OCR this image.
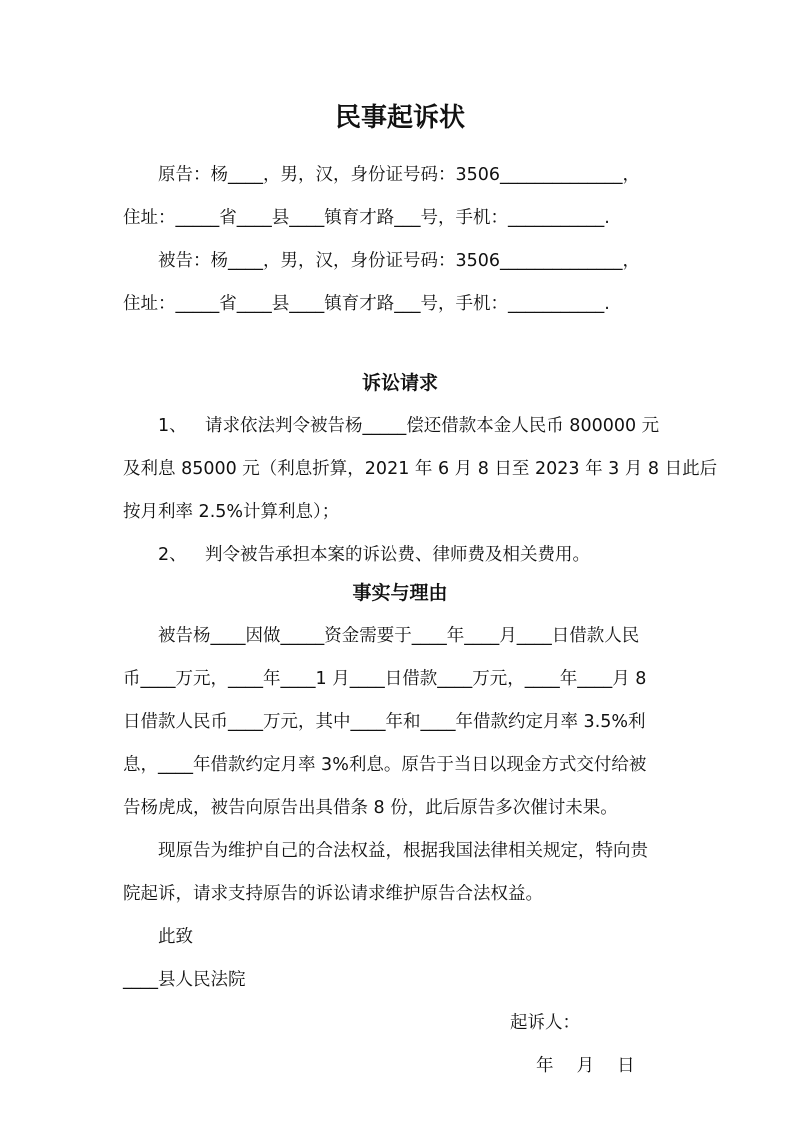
民事起诉状
原告：杨____，男，汉，身份证号码：3506______________，
住址：_____省____县____镇育才路___号，手机：___________.
被告：杨____，男，汉，身份证号码：3506______________，
住址：_____省____县____镇育才路___号，手机：___________.
诉讼请求
1、 请求依法判令被告杨_____偿还借款本金人民币 800000 元
及利息 85000 元（利息折算，2021 年 6 月 8 日至 2023 年 3 月 8 日此后
按月利率 2.5%计算利息）；
2、 判令被告承担本案的诉讼费、律师费及相关费用。
事实与理由
被告杨____因做_____资金需要于____年____月____日借款人民
币____万元，____年____1 月____日借款____万元，____年____月 8
日借款人民币____万元，其中____年和____年借款约定月率 3.5%利
息，____年借款约定月率 3%利息。原告于当日以现金方式交付给被
告杨虎成，被告向原告出具借条 8 份，此后原告多次催讨未果。
现原告为维护自己的合法权益，根据我国法律相关规定，特向贵
院起诉，请求支持原告的诉讼请求维护原告合法权益。
此致
____县人民法院
起诉人：
年　 月　 日
